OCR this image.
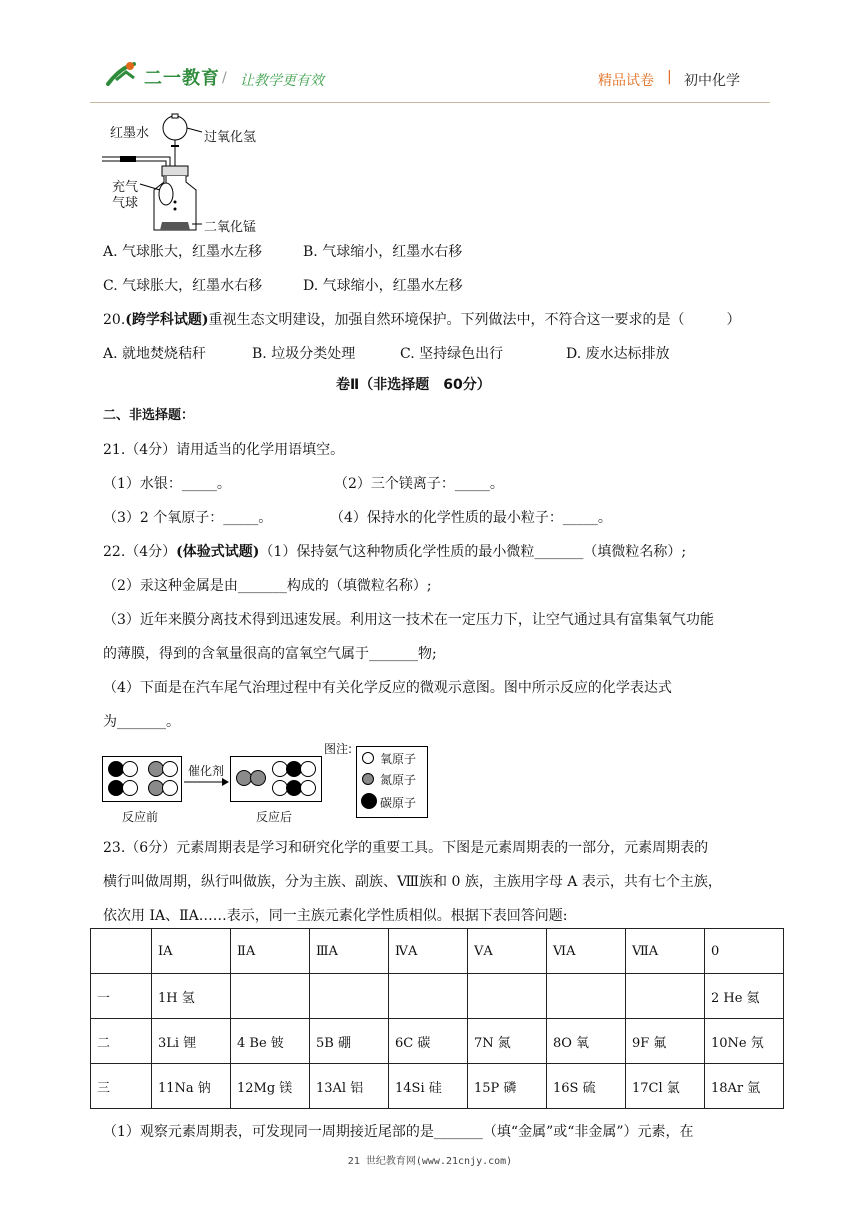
二一教育 / 让教学更有效	精品试卷 | 初中化学
红墨水	过氧化氢
充气
气球
二氧化锰
A. 气球胀大，红墨水左移	B. 气球缩小，红墨水右移
C. 气球胀大，红墨水右移	D. 气球缩小，红墨水左移
20.(跨学科试题)重视生态文明建设，加强自然环境保护。下列做法中，不符合这一要求的是（　　　）
A. 就地焚烧秸秆	B. 垃圾分类处理	C. 坚持绿色出行	D. 废水达标排放
卷Ⅱ（非选择题　60分）
二、非选择题：
21.（4分）请用适当的化学用语填空。
（1）水银：_____。	（2）三个镁离子：_____。
（3）2 个氧原子：_____。	（4）保持水的化学性质的最小粒子：_____。
22.（4分）(体验式试题)（1）保持氨气这种物质化学性质的最小微粒_______（填微粒名称）;
（2）汞这种金属是由_______构成的（填微粒名称）;
（3）近年来膜分离技术得到迅速发展。利用这一技术在一定压力下，让空气通过具有富集氧气功能
的薄膜，得到的含氧量很高的富氧空气属于_______物;
（4）下面是在汽车尾气治理过程中有关化学反应的微观示意图。图中所示反应的化学表达式
为_______。
催化剂
反应前	反应后
图注:
氧原子
氮原子
碳原子
23.（6分）元素周期表是学习和研究化学的重要工具。下图是元素周期表的一部分，元素周期表的
横行叫做周期，纵行叫做族，分为主族、副族、Ⅷ族和 0 族，主族用字母 A 表示，共有七个主族，
依次用 IA、ⅡA……表示，同一主族元素化学性质相似。根据下表回答问题:
	ⅠA	ⅡA	ⅢA	ⅣA	ⅤA	ⅥA	ⅦA	0
一	1H 氢							2 He 氦
二	3Li 锂	4 Be 铍	5B 硼	6C 碳	7N 氮	8O 氧	9F 氟	10Ne 氖
三	11Na 钠	12Mg 镁	13Al 铝	14Si 硅	15P 磷	16S 硫	17Cl 氯	18Ar 氩
（1）观察元素周期表，可发现同一周期接近尾部的是_______（填“金属”或“非金属”）元素，在
21 世纪教育网(www.21cnjy.com)
